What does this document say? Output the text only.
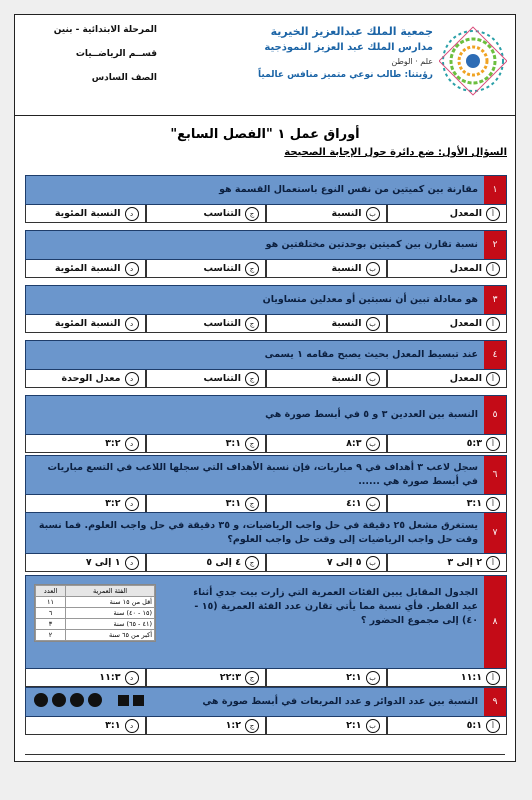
جمعية الملك عبدالعزيز الخيرية
مدارس الملك عبد العزيز النموذجية
علم · الوطن
رؤيتنا: طالب نوعي متميز منافس عالمياً
المرحلة الابتدائية - بنين
قســم الرياضــيات
الصف السادس
أوراق عمل ١ "الفصل السابع"
السؤال الأول: ضع دائرة حول الإجابة الصحيحة
١
مقارنة بين كميتين من نفس النوع باستعمال القسمة هو
أ
المعدل
ب
النسبة
ج
التناسب
د
النسبة المئوية
٢
نسبة تقارن بين كميتين بوحدتين مختلفتين هو
أ
المعدل
ب
النسبة
ج
التناسب
د
النسبة المئوية
٣
هو معادلة تبين أن نسبتين أو معدلين متساويان
أ
المعدل
ب
النسبة
ج
التناسب
د
النسبة المئوية
٤
عند تبسيط المعدل بحيث يصبح مقامه ١ يسمى
أ
المعدل
ب
النسبة
ج
التناسب
د
معدل الوحدة
٥
النسبة بين العددين ٣ و ٥ في أبسط صورة هي
أ
٥:٣
ب
٨:٣
ج
٣:١
د
٣:٢
٦
سجل لاعب ٣ أهداف في ٩ مباريات، فإن نسبة الأهداف التي سجلها اللاعب في التسع مباريات في أبسط صورة هي ......
أ
٣:١
ب
٤:١
ج
٣:١
د
٣:٢
٧
يستغرق مشعل ٢٥ دقيقة في حل واجب الرياضيات، و ٣٥ دقيقة في حل واجب العلوم. فما نسبة وقت حل واجب الرياضيات إلى وقت حل واجب العلوم؟
أ
٢ إلى ٣
ب
٥ إلى ٧
ج
٤ إلى ٥
د
١ إلى ٧
٨
الجدول المقابل يبين الفئات العمرية التي زارت بيت جدي أثناء عيد الفطر. فأي نسبة مما يأتي تقارن عدد الفئة العمرية (١٥ - ٤٠) إلى مجموع الحضور ؟
الفئة العمرية	العدد
أقل من ١٥ سنة	١١
(١٥ - ٤٠) سنة	٦
(٤١ - ٦٥) سنة	٣
أكبر من ٦٥ سنة	٢
أ
١١:١
ب
٢:١
ج
٢٢:٣
د
١١:٣
٩
النسبة بين عدد الدوائر و عدد المربعات في أبسط صورة هي
أ
٥:١
ب
٢:١
ج
١:٢
د
٣:١
